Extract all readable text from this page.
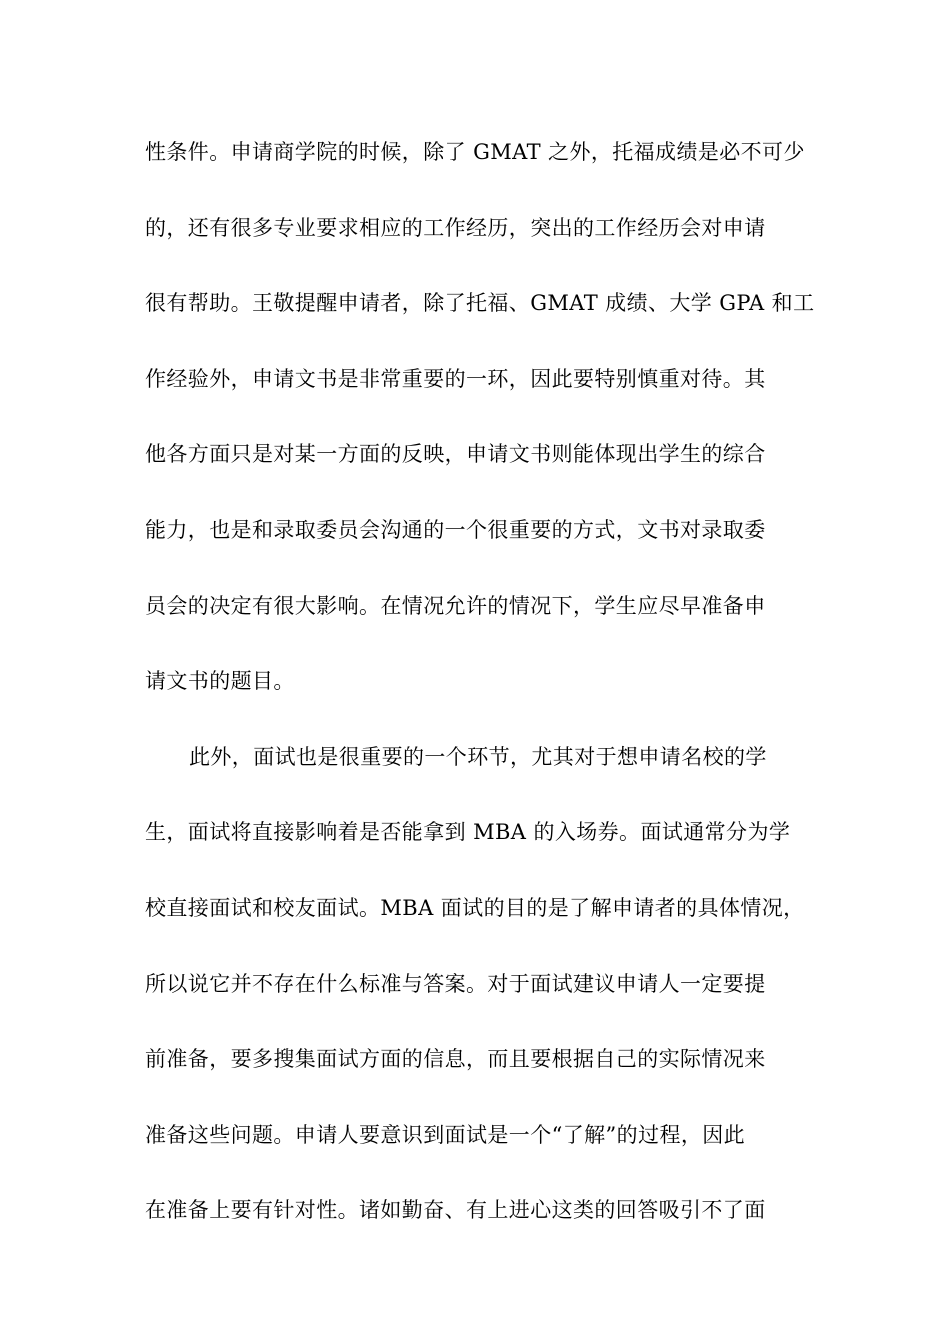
性条件。申请商学院的时候，除了 GMAT 之外，托福成绩是必不可少
的，还有很多专业要求相应的工作经历，突出的工作经历会对申请
很有帮助。王敬提醒申请者，除了托福、GMAT 成绩、大学 GPA 和工
作经验外，申请文书是非常重要的一环，因此要特别慎重对待。其
他各方面只是对某一方面的反映，申请文书则能体现出学生的综合
能力，也是和录取委员会沟通的一个很重要的方式，文书对录取委
员会的决定有很大影响。在情况允许的情况下，学生应尽早准备申
请文书的题目。
此外，面试也是很重要的一个环节，尤其对于想申请名校的学
生，面试将直接影响着是否能拿到 MBA 的入场券。面试通常分为学
校直接面试和校友面试。MBA 面试的目的是了解申请者的具体情况，
所以说它并不存在什么标准与答案。对于面试建议申请人一定要提
前准备，要多搜集面试方面的信息，而且要根据自己的实际情况来
准备这些问题。申请人要意识到面试是一个“了解”的过程，因此
在准备上要有针对性。诸如勤奋、有上进心这类的回答吸引不了面
